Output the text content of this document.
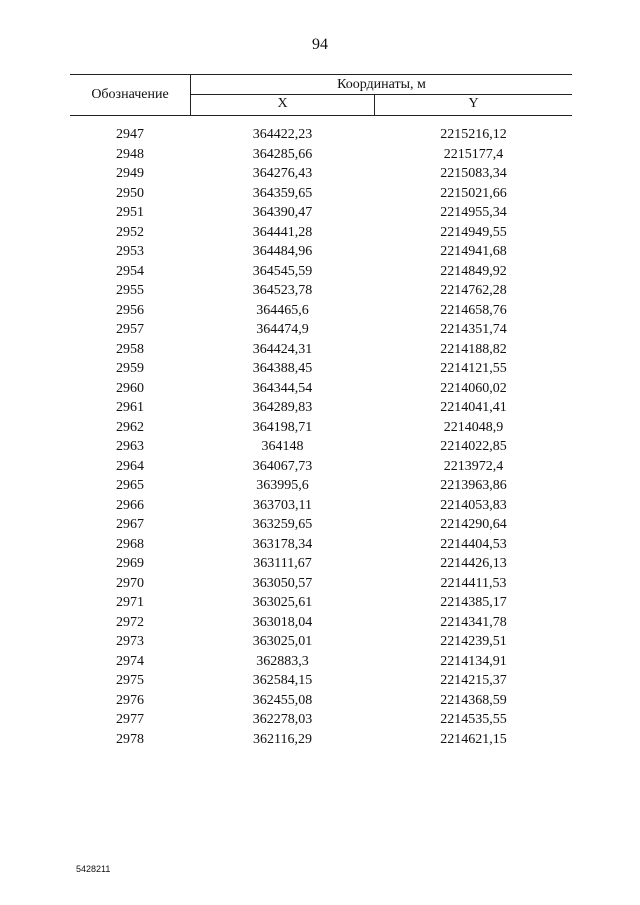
94
Обозначение
Координаты, м
X	Y
2947	364422,23	2215216,12
2948	364285,66	2215177,4
2949	364276,43	2215083,34
2950	364359,65	2215021,66
2951	364390,47	2214955,34
2952	364441,28	2214949,55
2953	364484,96	2214941,68
2954	364545,59	2214849,92
2955	364523,78	2214762,28
2956	364465,6	2214658,76
2957	364474,9	2214351,74
2958	364424,31	2214188,82
2959	364388,45	2214121,55
2960	364344,54	2214060,02
2961	364289,83	2214041,41
2962	364198,71	2214048,9
2963	364148	2214022,85
2964	364067,73	2213972,4
2965	363995,6	2213963,86
2966	363703,11	2214053,83
2967	363259,65	2214290,64
2968	363178,34	2214404,53
2969	363111,67	2214426,13
2970	363050,57	2214411,53
2971	363025,61	2214385,17
2972	363018,04	2214341,78
2973	363025,01	2214239,51
2974	362883,3	2214134,91
2975	362584,15	2214215,37
2976	362455,08	2214368,59
2977	362278,03	2214535,55
2978	362116,29	2214621,15
5428211
